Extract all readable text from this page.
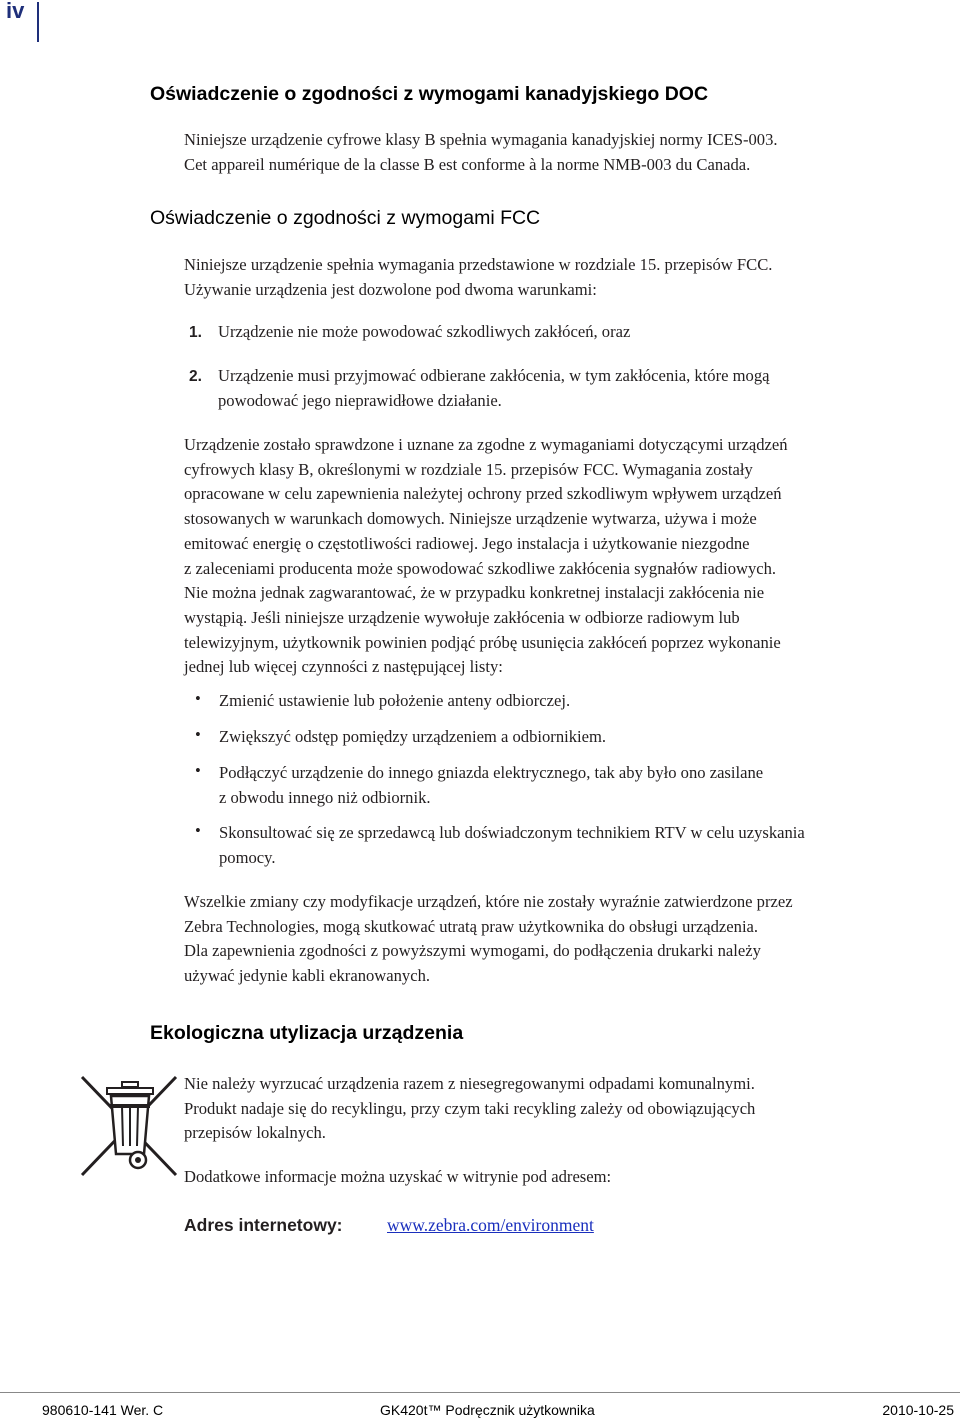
iv
Oświadczenie o zgodności z wymogami kanadyjskiego DOC
Niniejsze urządzenie cyfrowe klasy B spełnia wymagania kanadyjskiej normy ICES-003.
Cet appareil numérique de la classe B est conforme à la norme NMB-003 du Canada.
Oświadczenie o zgodności z wymogami FCC
Niniejsze urządzenie spełnia wymagania przedstawione w rozdziale 15. przepisów FCC.
Używanie urządzenia jest dozwolone pod dwoma warunkami:
1. Urządzenie nie może powodować szkodliwych zakłóceń, oraz
2. Urządzenie musi przyjmować odbierane zakłócenia, w tym zakłócenia, które mogą
powodować jego nieprawidłowe działanie.
Urządzenie zostało sprawdzone i uznane za zgodne z wymaganiami dotyczącymi urządzeń
cyfrowych klasy B, określonymi w rozdziale 15. przepisów FCC. Wymagania zostały
opracowane w celu zapewnienia należytej ochrony przed szkodliwym wpływem urządzeń
stosowanych w warunkach domowych. Niniejsze urządzenie wytwarza, używa i może
emitować energię o częstotliwości radiowej. Jego instalacja i użytkowanie niezgodne
z zaleceniami producenta może spowodować szkodliwe zakłócenia sygnałów radiowych.
Nie można jednak zagwarantować, że w przypadku konkretnej instalacji zakłócenia nie
wystąpią. Jeśli niniejsze urządzenie wywołuje zakłócenia w odbiorze radiowym lub
telewizyjnym, użytkownik powinien podjąć próbę usunięcia zakłóceń poprzez wykonanie
jednej lub więcej czynności z następującej listy:
• Zmienić ustawienie lub położenie anteny odbiorczej.
• Zwiększyć odstęp pomiędzy urządzeniem a odbiornikiem.
• Podłączyć urządzenie do innego gniazda elektrycznego, tak aby było ono zasilane
z obwodu innego niż odbiornik.
• Skonsultować się ze sprzedawcą lub doświadczonym technikiem RTV w celu uzyskania
pomocy.
Wszelkie zmiany czy modyfikacje urządzeń, które nie zostały wyraźnie zatwierdzone przez
Zebra Technologies, mogą skutkować utratą praw użytkownika do obsługi urządzenia.
Dla zapewnienia zgodności z powyższymi wymogami, do podłączenia drukarki należy
używać jedynie kabli ekranowanych.
Ekologiczna utylizacja urządzenia
Nie należy wyrzucać urządzenia razem z niesegregowanymi odpadami komunalnymi.
Produkt nadaje się do recyklingu, przy czym taki recykling zależy od obowiązujących
przepisów lokalnych.
Dodatkowe informacje można uzyskać w witrynie pod adresem:
Adres internetowy:	www.zebra.com/environment
980610-141 Wer. C	GK420t™ Podręcznik użytkownika	2010-10-25
